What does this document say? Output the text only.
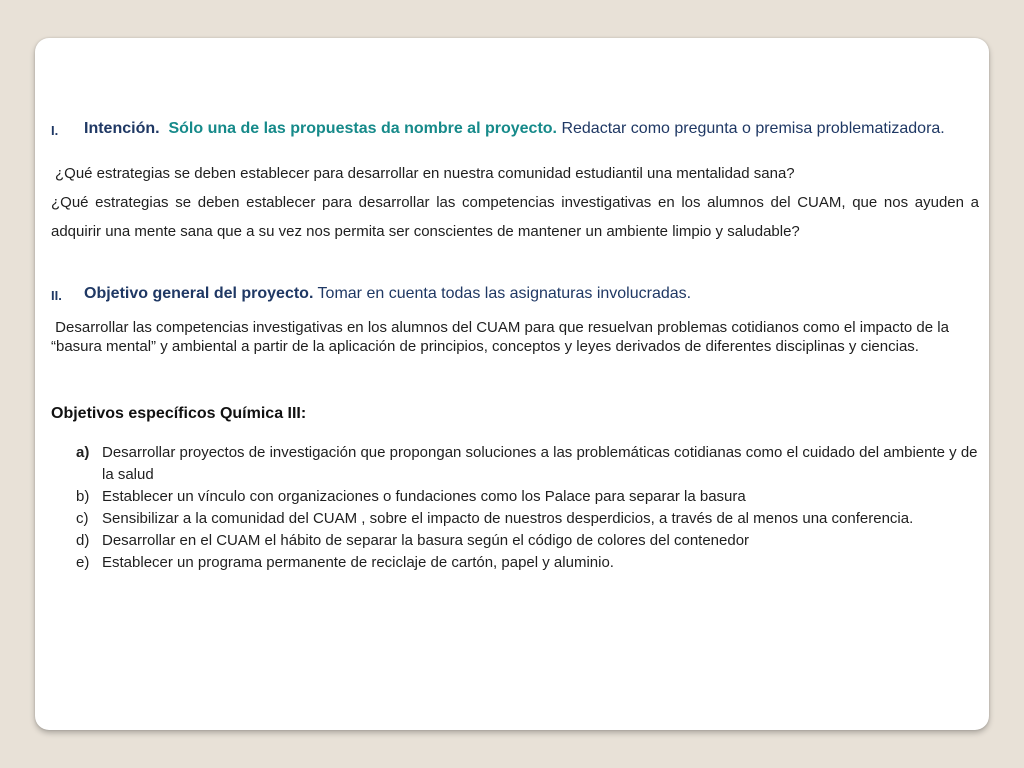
I.	Intención. Sólo una de las propuestas da nombre al proyecto. Redactar como pregunta o premisa problematizadora.

¿Qué estrategias se deben establecer para desarrollar en nuestra comunidad estudiantil una mentalidad sana?

¿Qué estrategias se deben establecer para desarrollar las competencias investigativas en los alumnos del CUAM, que nos ayuden a adquirir una mente sana que a su vez nos permita ser conscientes de mantener un ambiente limpio y saludable?

II.	Objetivo general del proyecto. Tomar en cuenta todas las asignaturas involucradas.

Desarrollar las competencias investigativas en los alumnos del CUAM para que resuelvan problemas cotidianos como el impacto de la “basura mental” y ambiental a partir de la aplicación de principios, conceptos y leyes derivados de diferentes disciplinas y ciencias.

Objetivos específicos Química III:
a) Desarrollar proyectos de investigación que propongan soluciones a las problemáticas cotidianas como el cuidado del ambiente y de la salud
b) Establecer un vínculo con organizaciones o fundaciones como los Palace para separar la basura
c) Sensibilizar a la comunidad del CUAM , sobre el impacto de nuestros desperdicios, a través de al menos una conferencia.
d) Desarrollar en el CUAM el hábito de separar la basura según el código de colores del contenedor
e) Establecer un programa permanente de reciclaje de cartón, papel y aluminio.
